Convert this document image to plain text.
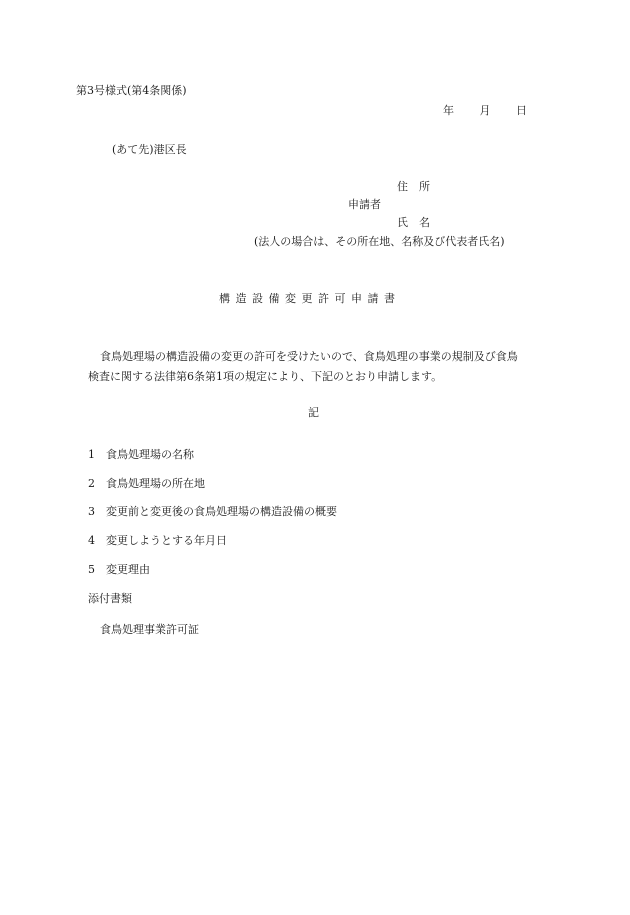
第3号様式(第4条関係)
年 月 日
(あて先)港区長
住　所
申請者
氏　名
(法人の場合は、その所在地、名称及び代表者氏名)
構造設備変更許可申請書
食鳥処理場の構造設備の変更の許可を受けたいので、食鳥処理の事業の規制及び食鳥
検査に関する法律第6条第1項の規定により、下記のとおり申請します。
記
1 食鳥処理場の名称
2 食鳥処理場の所在地
3 変更前と変更後の食鳥処理場の構造設備の概要
4 変更しようとする年月日
5 変更理由
添付書類
食鳥処理事業許可証
